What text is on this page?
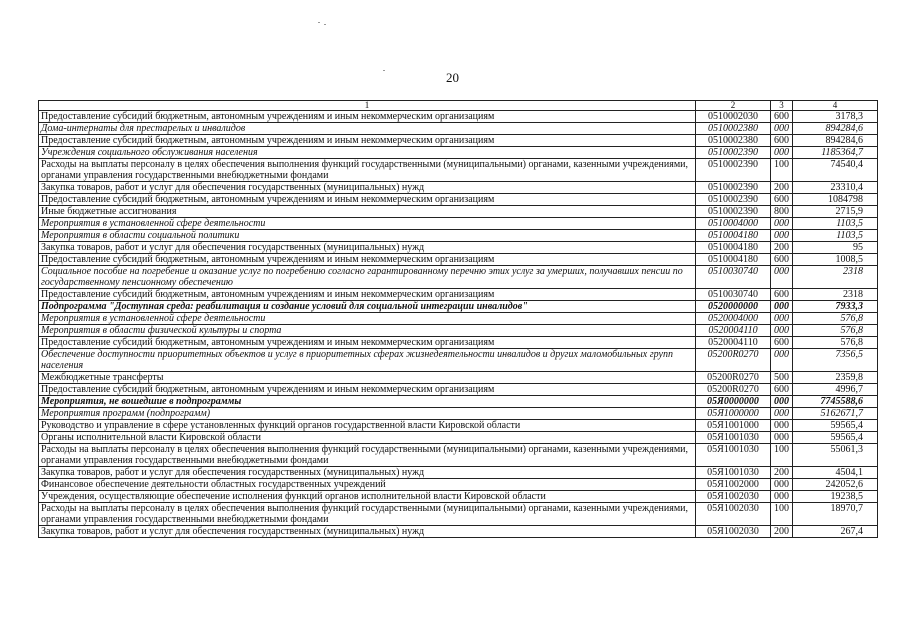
20
1	2	3	4
Предоставление субсидий бюджетным, автономным учреждениям и иным некоммерческим организациям	0510002030	600	3178,3
Дома-интернаты для престарелых и инвалидов	0510002380	000	894284,6
Предоставление субсидий бюджетным, автономным учреждениям и иным некоммерческим организациям	0510002380	600	894284,6
Учреждения социального обслуживания населения	0510002390	000	1185364,7
Расходы на выплаты персоналу в целях обеспечения выполнения функций государственными (муниципальными) органами, казенными учреждениями, органами управления государственными внебюджетными фондами	0510002390	100	74540,4
Закупка товаров, работ и услуг для обеспечения государственных (муниципальных) нужд	0510002390	200	23310,4
Предоставление субсидий бюджетным, автономным учреждениям и иным некоммерческим организациям	0510002390	600	1084798
Иные бюджетные ассигнования	0510002390	800	2715,9
Мероприятия в установленной сфере деятельности	0510004000	000	1103,5
Мероприятия в области социальной политики	0510004180	000	1103,5
Закупка товаров, работ и услуг для обеспечения государственных (муниципальных) нужд	0510004180	200	95
Предоставление субсидий бюджетным, автономным учреждениям и иным некоммерческим организациям	0510004180	600	1008,5
Социальное пособие на погребение и оказание услуг по погребению согласно гарантированному перечню этих услуг за умерших, получавших пенсии по государственному пенсионному обеспечению	0510030740	000	2318
Предоставление субсидий бюджетным, автономным учреждениям и иным некоммерческим организациям	0510030740	600	2318
Подпрограмма "Доступная среда: реабилитация и создание условий для социальной интеграции инвалидов"	0520000000	000	7933,3
Мероприятия в установленной сфере деятельности	0520004000	000	576,8
Мероприятия в области физической культуры и спорта	0520004110	000	576,8
Предоставление субсидий бюджетным, автономным учреждениям и иным некоммерческим организациям	0520004110	600	576,8
Обеспечение доступности приоритетных объектов и услуг в приоритетных сферах жизнедеятельности инвалидов и других маломобильных групп населения	05200R0270	000	7356,5
Межбюджетные трансферты	05200R0270	500	2359,8
Предоставление субсидий бюджетным, автономным учреждениям и иным некоммерческим организациям	05200R0270	600	4996,7
Мероприятия, не вошедшие в подпрограммы	05Я0000000	000	7745588,6
Мероприятия программ (подпрограмм)	05Я1000000	000	5162671,7
Руководство и управление в сфере установленных функций органов государственной власти Кировской области	05Я1001000	000	59565,4
Органы исполнительной власти Кировской области	05Я1001030	000	59565,4
Расходы на выплаты персоналу в целях обеспечения выполнения функций государственными (муниципальными) органами, казенными учреждениями, органами управления государственными внебюджетными фондами	05Я1001030	100	55061,3
Закупка товаров, работ и услуг для обеспечения государственных (муниципальных) нужд	05Я1001030	200	4504,1
Финансовое обеспечение деятельности областных государственных учреждений	05Я1002000	000	242052,6
Учреждения, осуществляющие обеспечение исполнения функций органов исполнительной власти Кировской области	05Я1002030	000	19238,5
Расходы на выплаты персоналу в целях обеспечения выполнения функций государственными (муниципальными) органами, казенными учреждениями, органами управления государственными внебюджетными фондами	05Я1002030	100	18970,7
Закупка товаров, работ и услуг для обеспечения государственных (муниципальных) нужд	05Я1002030	200	267,4
